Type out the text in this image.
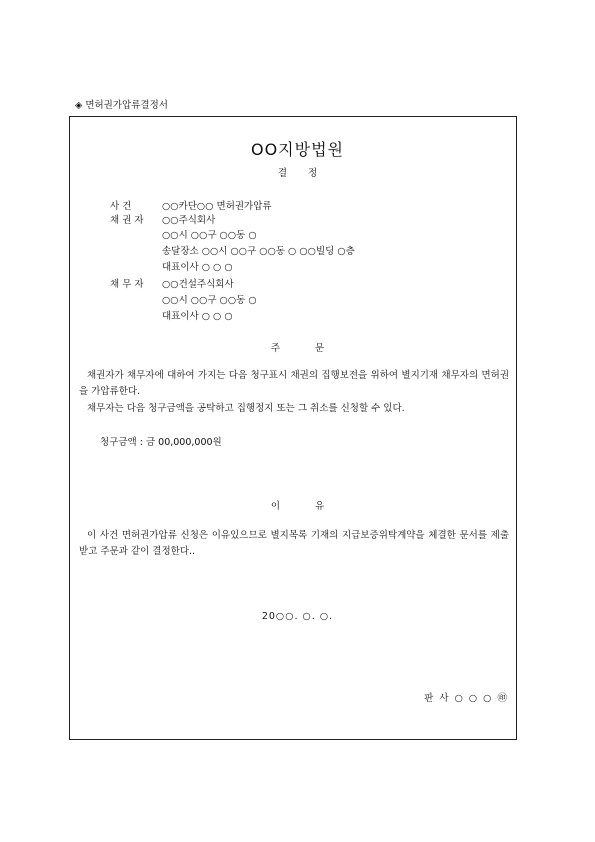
◈ 면허권가압류결정서
OO지방법원
결 정
사 건	○○카단○○ 면허권가압류
채 권 자	○○주식회사
○○시 ○○구 ○○동 ○
송달장소 ○○시 ○○구 ○○동 ○ ○○빌딩 ○층
대표이사 ○ ○ ○
채 무 자	○○건설주식회사
○○시 ○○구 ○○동 ○
대표이사 ○ ○ ○
주 문
채권자가 채무자에 대하여 가지는 다음 청구표시 채권의 집행보전을 위하여 별지기재 채무자의 면허권을 가압류한다.
채무자는 다음 청구금액을 공탁하고 집행정지 또는 그 취소를 신청할 수 있다.
청구금액 : 금 00,000,000원
이 유
이 사건 면허권가압류 신청은 이유있으므로 별지목록 기재의 지급보증위탁계약을 체결한 문서를 제출받고 주문과 같이 결정한다..
20○○. ○. ○.
판 사 ○ ○ ○ ㊞
